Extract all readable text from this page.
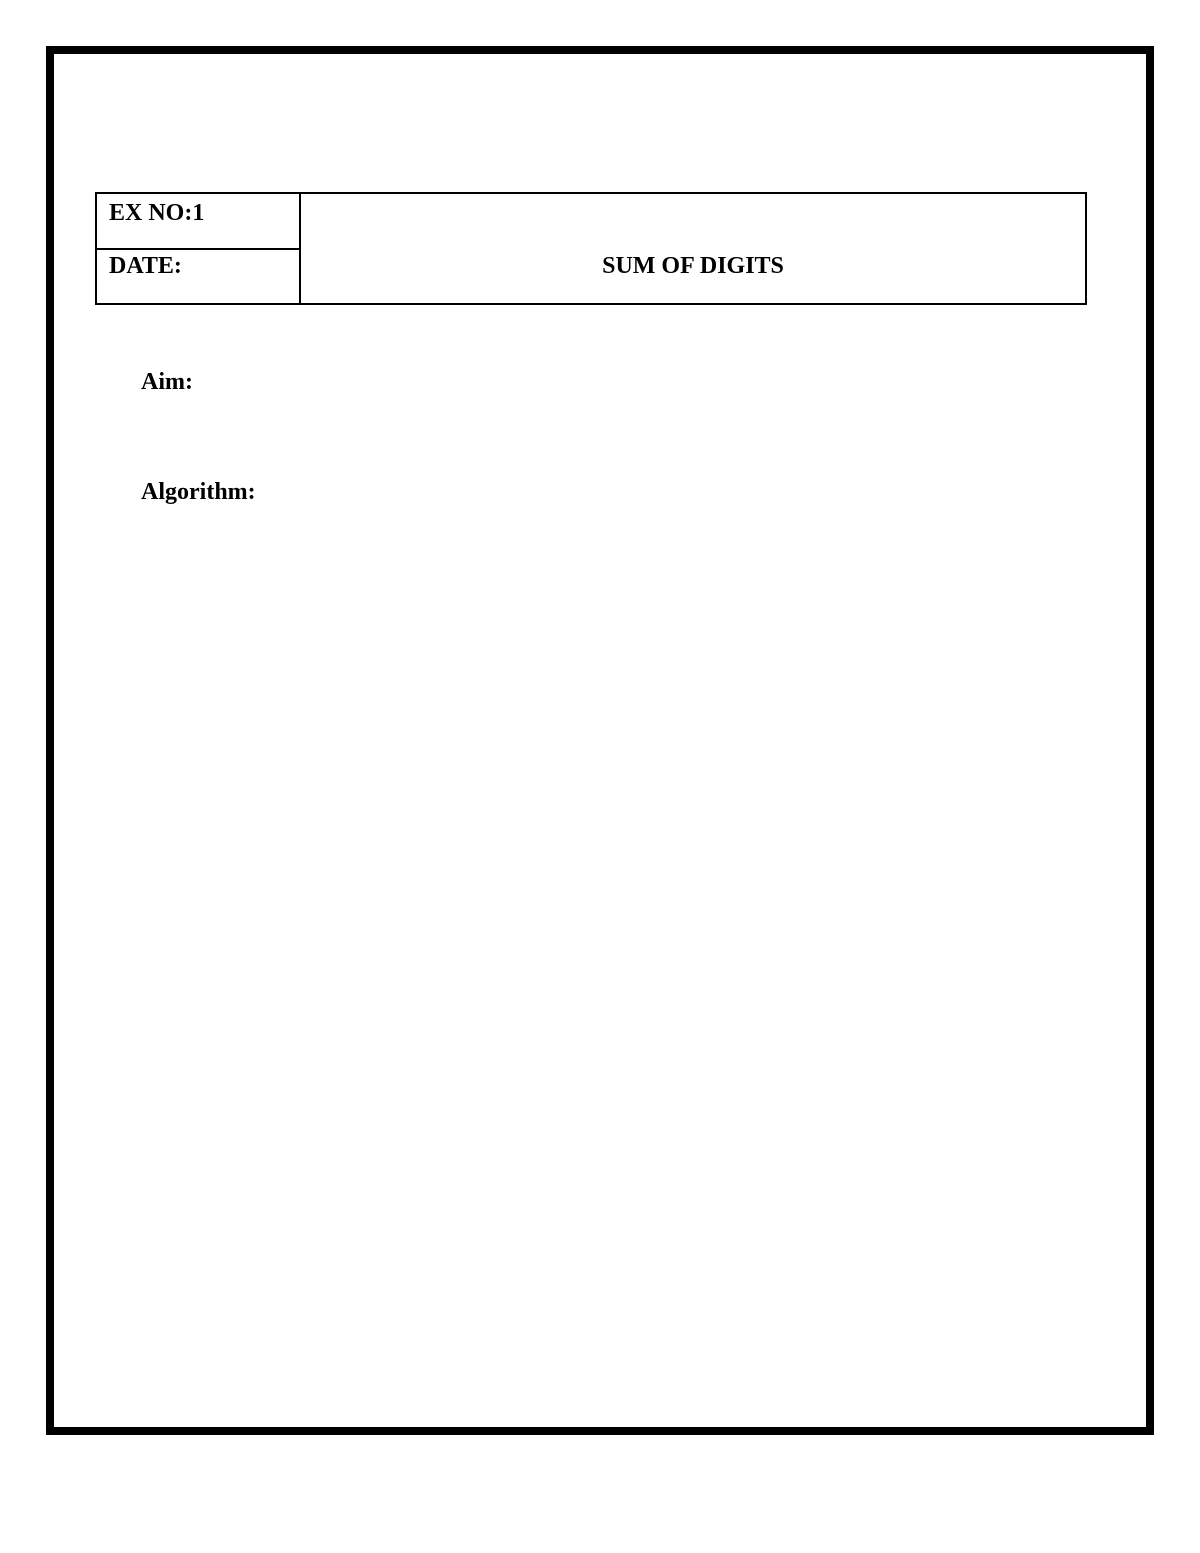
EX NO:1
DATE:	SUM OF DIGITS
Aim:
Algorithm:
